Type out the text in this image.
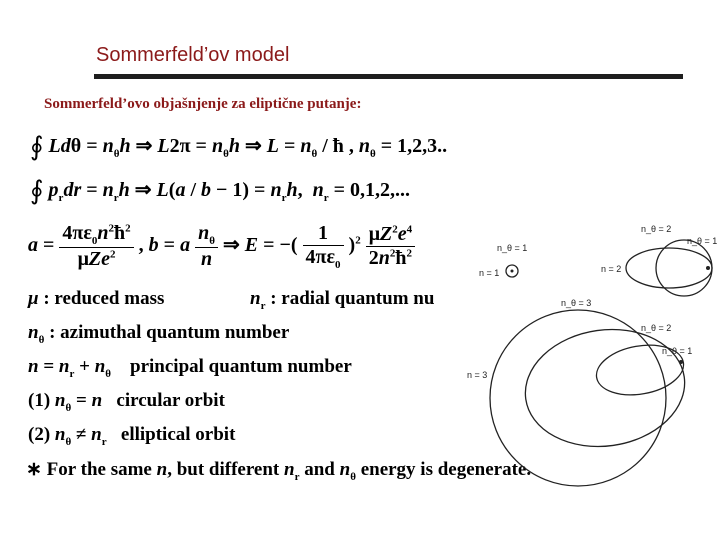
Sommerfeld’ov model
Sommerfeld’ovo objašnjenje za eliptične putanje:
∮ $Ld\theta = n_\theta h$ ⇒ $L2\pi = n_\theta h$ ⇒ $L = n_\theta$ / ħ , $n_\theta = 1,2,3$..
∮ $p_rdr = n_rh$ ⇒ $L(a / b - 1) = n_rh$,  $n_r = 0,1,2$,...
$a = \frac{4\pi\varepsilon_0n^2ħ^2}{\mu Ze^2}$ , b = a $\frac{n_\theta}{n}$ ⇒ E = −( $\frac{1}{4\pi\varepsilon_0} )^2 \frac{\mu Z^2e^4}{2n^2ħ^2}$
μ : reduced mass	$n_r$ : radial quantum nu
$n_\theta$ : azimuthal quantum number
$n = n_r + n_\theta$    principal quantum number
(1) $n_\theta = n$   circular orbit
(2) $n_\theta \ne n_r$   elliptical orbit
∗ For the same n, but different $n_r$ and $n_\theta$ energy is degenerate.
n_θ = 1
n = 1
n_θ = 2
n_θ = 1
n = 2
n_θ = 3
n_θ = 2
n_θ = 1
n = 3
